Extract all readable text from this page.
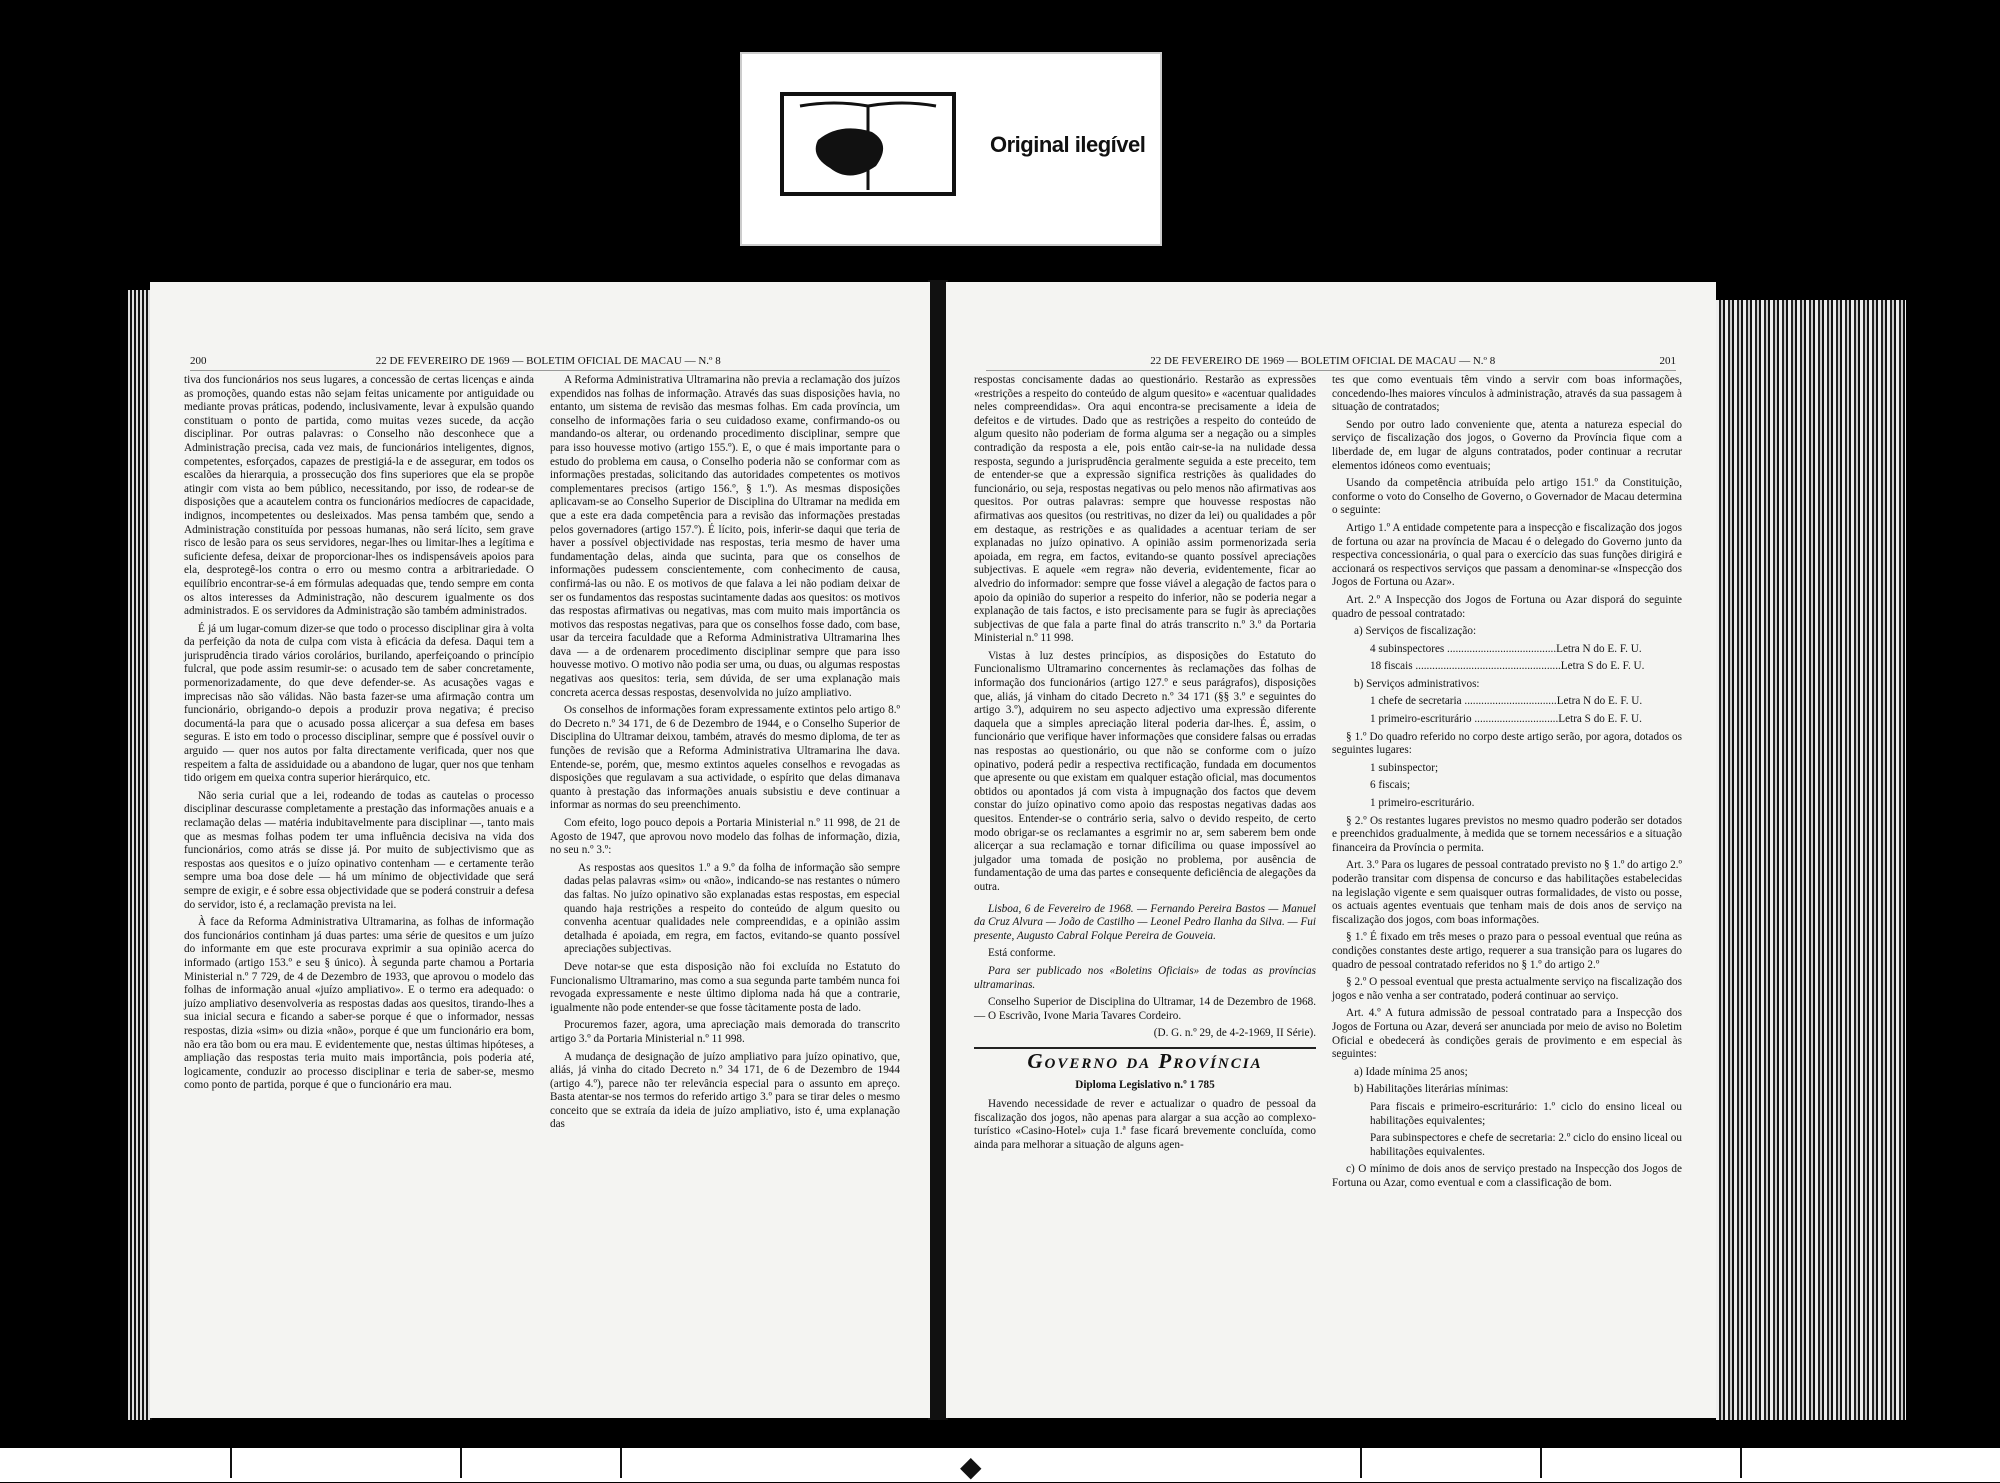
Original ilegível
200	22 DE FEVEREIRO DE 1969 — BOLETIM OFICIAL DE MACAU — N.º 8

tiva dos funcionários nos seus lugares, a concessão de certas licenças e ainda as promoções, quando estas não sejam feitas unicamente por antiguidade ou mediante provas práticas, podendo, inclusivamente, levar à expulsão quando constituam o ponto de partida, como muitas vezes sucede, da acção disciplinar. Por outras palavras: o Conselho não desconhece que a Administração precisa, cada vez mais, de funcionários inteligentes, dignos, competentes, esforçados, capazes de prestigiá-la e de assegurar, em todos os escalões da hierarquia, a prossecução dos fins superiores que ela se propõe atingir com vista ao bem público, necessitando, por isso, de rodear-se de disposições que a acautelem contra os funcionários medíocres de capacidade, indignos, incompetentes ou desleixados. Mas pensa também que, sendo a Administração constituída por pessoas humanas, não será lícito, sem grave risco de lesão para os seus servidores, negar-lhes ou limitar-lhes a legítima e suficiente defesa, deixar de proporcionar-lhes os indispensáveis apoios para ela, desprotegê-los contra o erro ou mesmo contra a arbitrariedade. O equilíbrio encontrar-se-á em fórmulas adequadas que, tendo sempre em conta os altos interesses da Administração, não descurem igualmente os dos administrados. E os servidores da Administração são também administrados.

É já um lugar-comum dizer-se que todo o processo disciplinar gira à volta da perfeição da nota de culpa com vista à eficácia da defesa. Daqui tem a jurisprudência tirado vários corolários, burilando, aperfeiçoando o princípio fulcral, que pode assim resumir-se: o acusado tem de saber concretamente, pormenorizadamente, do que deve defender-se. As acusações vagas e imprecisas não são válidas. Não basta fazer-se uma afirmação contra um funcionário, obrigando-o depois a produzir prova negativa; é preciso documentá-la para que o acusado possa alicerçar a sua defesa em bases seguras. E isto em todo o processo disciplinar, sempre que é possível ouvir o arguido — quer nos autos por falta directamente verificada, quer nos que respeitem a falta de assiduidade ou a abandono de lugar, quer nos que tenham tido origem em queixa contra superior hierárquico, etc.

Não seria curial que a lei, rodeando de todas as cautelas o processo disciplinar descurasse completamente a prestação das informações anuais e a reclamação delas — matéria indubitavelmente para disciplinar —, tanto mais que as mesmas folhas podem ter uma influência decisiva na vida dos funcionários, como atrás se disse já. Por muito de subjectivismo que as respostas aos quesitos e o juízo opinativo contenham — e certamente terão sempre uma boa dose dele — há um mínimo de objectividade que será sempre de exigir, e é sobre essa objectividade que se poderá construir a defesa do servidor, isto é, a reclamação prevista na lei.

À face da Reforma Administrativa Ultramarina, as folhas de informação dos funcionários continham já duas partes: uma série de quesitos e um juízo do informante em que este procurava exprimir a sua opinião acerca do informado (artigo 153.º e seu § único). À segunda parte chamou a Portaria Ministerial n.º 7 729, de 4 de Dezembro de 1933, que aprovou o modelo das folhas de informação anual «juízo ampliativo». E o termo era adequado: o juízo ampliativo desenvolveria as respostas dadas aos quesitos, tirando-lhes a sua inicial secura e ficando a saber-se porque é que o informador, nessas respostas, dizia «sim» ou dizia «não», porque é que um funcionário era bom, não era tão bom ou era mau. E evidentemente que, nestas últimas hipóteses, a ampliação das respostas teria muito mais importância, pois poderia até, logicamente, conduzir ao processo disciplinar e teria de saber-se, mesmo como ponto de partida, porque é que o funcionário era mau.

A Reforma Administrativa Ultramarina não previa a reclamação dos juízos expendidos nas folhas de informação. Através das suas disposições havia, no entanto, um sistema de revisão das mesmas folhas. Em cada província, um conselho de informações faria o seu cuidadoso exame, confirmando-os ou mandando-os alterar, ou ordenando procedimento disciplinar, sempre que para isso houvesse motivo (artigo 155.º). E, o que é mais importante para o estudo do problema em causa, o Conselho poderia não se conformar com as informações prestadas, solicitando das autoridades competentes os motivos complementares precisos (artigo 156.º, § 1.º). As mesmas disposições aplicavam-se ao Conselho Superior de Disciplina do Ultramar na medida em que a este era dada competência para a revisão das informações prestadas pelos governadores (artigo 157.º). É lícito, pois, inferir-se daqui que teria de haver a possível objectividade nas respostas, teria mesmo de haver uma fundamentação delas, ainda que sucinta, para que os conselhos de informações pudessem conscientemente, com conhecimento de causa, confirmá-las ou não. E os motivos de que falava a lei não podiam deixar de ser os fundamentos das respostas sucintamente dadas aos quesitos: os motivos das respostas afirmativas ou negativas, mas com muito mais importância os motivos das respostas negativas, para que os conselhos fosse dado, com base, usar da terceira faculdade que a Reforma Administrativa Ultramarina lhes dava — a de ordenarem procedimento disciplinar sempre que para isso houvesse motivo. O motivo não podia ser uma, ou duas, ou algumas respostas negativas aos quesitos: teria, sem dúvida, de ser uma explanação mais concreta acerca dessas respostas, desenvolvida no juízo ampliativo.

Os conselhos de informações foram expressamente extintos pelo artigo 8.º do Decreto n.º 34 171, de 6 de Dezembro de 1944, e o Conselho Superior de Disciplina do Ultramar deixou, também, através do mesmo diploma, de ter as funções de revisão que a Reforma Administrativa Ultramarina lhe dava. Entende-se, porém, que, mesmo extintos aqueles conselhos e revogadas as disposições que regulavam a sua actividade, o espírito que delas dimanava quanto à prestação das informações anuais subsistiu e deve continuar a informar as normas do seu preenchimento.

Com efeito, logo pouco depois a Portaria Ministerial n.º 11 998, de 21 de Agosto de 1947, que aprovou novo modelo das folhas de informação, dizia, no seu n.º 3.º:

As respostas aos quesitos 1.º a 9.º da folha de informação são sempre dadas pelas palavras «sim» ou «não», indicando-se nas restantes o número das faltas. No juízo opinativo são explanadas estas respostas, em especial quando haja restrições a respeito do conteúdo de algum quesito ou convenha acentuar qualidades nele compreendidas, e a opinião assim detalhada é apoiada, em regra, em factos, evitando-se quanto possível apreciações subjectivas.

Deve notar-se que esta disposição não foi excluída no Estatuto do Funcionalismo Ultramarino, mas como a sua segunda parte também nunca foi revogada expressamente e neste último diploma nada há que a contrarie, igualmente não pode entender-se que fosse tàcitamente posta de lado.

Procuremos fazer, agora, uma apreciação mais demorada do transcrito artigo 3.º da Portaria Ministerial n.º 11 998.

A mudança de designação de juízo ampliativo para juízo opinativo, que, aliás, já vinha do citado Decreto n.º 34 171, de 6 de Dezembro de 1944 (artigo 4.º), parece não ter relevância especial para o assunto em apreço. Basta atentar-se nos termos do referido artigo 3.º para se tirar deles o mesmo conceito que se extraía da ideia de juízo ampliativo, isto é, uma explanação das

22 DE FEVEREIRO DE 1969 — BOLETIM OFICIAL DE MACAU — N.º 8	201

respostas concisamente dadas ao questionário. Restarão as expressões «restrições a respeito do conteúdo de algum quesito» e «acentuar qualidades neles compreendidas». Ora aqui encontra-se precisamente a ideia de defeitos e de virtudes. Dado que as restrições a respeito do conteúdo de algum quesito não poderiam de forma alguma ser a negação ou a simples contradição da resposta a ele, pois então cair-se-ia na nulidade dessa resposta, segundo a jurisprudência geralmente seguida a este preceito, tem de entender-se que a expressão significa restrições às qualidades do funcionário, ou seja, respostas negativas ou pelo menos não afirmativas aos quesitos. Por outras palavras: sempre que houvesse respostas não afirmativas aos quesitos (ou restritivas, no dizer da lei) ou qualidades a pôr em destaque, as restrições e as qualidades a acentuar teriam de ser explanadas no juízo opinativo. A opinião assim pormenorizada seria apoiada, em regra, em factos, evitando-se quanto possível apreciações subjectivas. E aquele «em regra» não deveria, evidentemente, ficar ao alvedrio do informador: sempre que fosse viável a alegação de factos para o apoio da opinião do superior a respeito do inferior, não se poderia negar a explanação de tais factos, e isto precisamente para se fugir às apreciações subjectivas de que fala a parte final do atrás transcrito n.º 3.º da Portaria Ministerial n.º 11 998.

Vistas à luz destes princípios, as disposições do Estatuto do Funcionalismo Ultramarino concernentes às reclamações das folhas de informação dos funcionários (artigo 127.º e seus parágrafos), disposições que, aliás, já vinham do citado Decreto n.º 34 171 (§§ 3.º e seguintes do artigo 3.º), adquirem no seu aspecto adjectivo uma expressão diferente daquela que a simples apreciação literal poderia dar-lhes. É, assim, o funcionário que verifique haver informações que considere falsas ou erradas nas respostas ao questionário, ou que não se conforme com o juízo opinativo, poderá pedir a respectiva rectificação, fundada em documentos que apresente ou que existam em qualquer estação oficial, mas documentos obtidos ou apontados já com vista à impugnação dos factos que devem constar do juízo opinativo como apoio das respostas negativas dadas aos quesitos. Entender-se o contrário seria, salvo o devido respeito, de certo modo obrigar-se os reclamantes a esgrimir no ar, sem saberem bem onde alicerçar a sua reclamação e tornar dificílima ou quase impossível ao julgador uma tomada de posição no problema, por ausência de fundamentação de uma das partes e consequente deficiência de alegações da outra.

Lisboa, 6 de Fevereiro de 1968. — Fernando Pereira Bastos — Manuel da Cruz Alvura — João de Castilho — Leonel Pedro Ilanha da Silva. — Fui presente, Augusto Cabral Folque Pereira de Gouveia.

Está conforme.

Para ser publicado nos «Boletins Oficiais» de todas as províncias ultramarinas.

Conselho Superior de Disciplina do Ultramar, 14 de Dezembro de 1968. — O Escrivão, Ivone Maria Tavares Cordeiro.

(D. G. n.º 29, de 4-2-1969, II Série).

Governo da Província
Diploma Legislativo n.º 1 785

Havendo necessidade de rever e actualizar o quadro de pessoal da fiscalização dos jogos, não apenas para alargar a sua acção ao complexo-turístico «Casino-Hotel» cuja 1.ª fase ficará brevemente concluída, como ainda para melhorar a situação de alguns agen-

tes que como eventuais têm vindo a servir com boas informações, concedendo-lhes maiores vínculos à administração, através da sua passagem à situação de contratados;

Sendo por outro lado conveniente que, atenta a natureza especial do serviço de fiscalização dos jogos, o Governo da Província fique com a liberdade de, em lugar de alguns contratados, poder continuar a recrutar elementos idóneos como eventuais;

Usando da competência atribuída pelo artigo 151.º da Constituição, conforme o voto do Conselho de Governo, o Governador de Macau determina o seguinte:

Artigo 1.º A entidade competente para a inspecção e fiscalização dos jogos de fortuna ou azar na província de Macau é o delegado do Governo junto da respectiva concessionária, o qual para o exercício das suas funções dirigirá e accionará os respectivos serviços que passam a denominar-se «Inspecção dos Jogos de Fortuna ou Azar».

Art. 2.º A Inspecção dos Jogos de Fortuna ou Azar disporá do seguinte quadro de pessoal contratado:

a) Serviços de fiscalização:

4 subinspectores .......................................Letra N do E. F. U.

18 fiscais ....................................................Letra S do E. F. U.

b) Serviços administrativos:

1 chefe de secretaria .................................Letra N do E. F. U.

1 primeiro-escriturário ..............................Letra S do E. F. U.

§ 1.º Do quadro referido no corpo deste artigo serão, por agora, dotados os seguintes lugares:

1 subinspector;

6 fiscais;

1 primeiro-escriturário.

§ 2.º Os restantes lugares previstos no mesmo quadro poderão ser dotados e preenchidos gradualmente, à medida que se tornem necessários e a situação financeira da Província o permita.

Art. 3.º Para os lugares de pessoal contratado previsto no § 1.º do artigo 2.º poderão transitar com dispensa de concurso e das habilitações estabelecidas na legislação vigente e sem quaisquer outras formalidades, de visto ou posse, os actuais agentes eventuais que tenham mais de dois anos de serviço na fiscalização dos jogos, com boas informações.

§ 1.º É fixado em três meses o prazo para o pessoal eventual que reúna as condições constantes deste artigo, requerer a sua transição para os lugares do quadro de pessoal contratado referidos no § 1.º do artigo 2.º

§ 2.º O pessoal eventual que presta actualmente serviço na fiscalização dos jogos e não venha a ser contratado, poderá continuar ao serviço.

Art. 4.º A futura admissão de pessoal contratado para a Inspecção dos Jogos de Fortuna ou Azar, deverá ser anunciada por meio de aviso no Boletim Oficial e obedecerá às condições gerais de provimento e em especial às seguintes:

a) Idade mínima 25 anos;

b) Habilitações literárias mínimas:

Para fiscais e primeiro-escriturário: 1.º ciclo do ensino liceal ou habilitações equivalentes;

Para subinspectores e chefe de secretaria: 2.º ciclo do ensino liceal ou habilitações equivalentes.

c) O mínimo de dois anos de serviço prestado na Inspecção dos Jogos de Fortuna ou Azar, como eventual e com a classificação de bom.

◆
